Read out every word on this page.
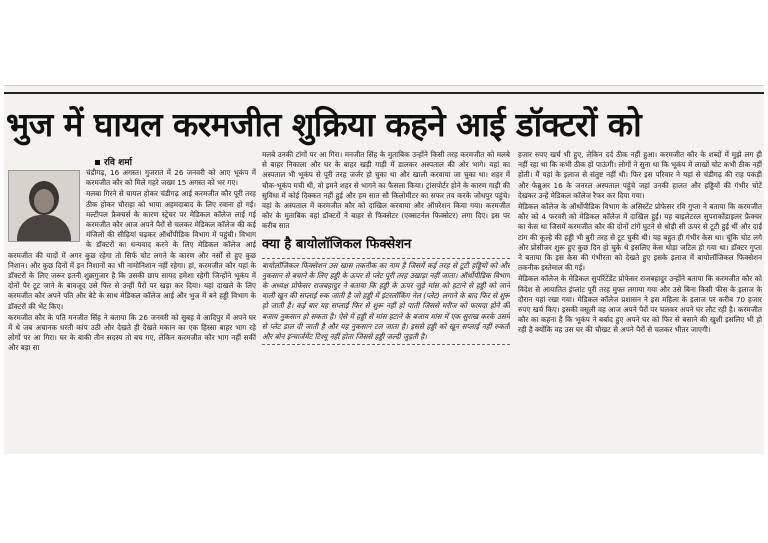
भुज में घायल करमजीत शुक्रिया कहने आई डॉक्टरों को
रवि शर्मा

चंडीगढ़, 16 अगस्त। गुजरात में 26 जनवरी को आए भूकंप में करमजीत कौर को मिले गहरे जख्म 15 अगस्त को भर गए।

मलबा गिरने से घायल होकर चंडीगढ़ आई करमजीत कौर पूरी तरह ठीक होकर चौराहा को भाया अहमदाबाद के लिए रवाना हो गई। मल्टीपल फ्रैक्चर्स के कारण स्ट्रेचर पर मेडिकल कॉलेज लाई गई करमजीत कौर आज अपने पैरों से चलकर मेडिकल कॉलेज की कई मंजिलों की सीढ़ियां चढ़कर ऑर्थोपीडिक विभाग में पहुंची। विभाग के डॉक्टरों का धन्यवाद करने के लिए मेडिकल कॉलेज आई करमजीत की यादों में अगर कुछ रहेगा तो सिर्फ चोट लगने के कारण और नर्सों से हुए कुछ निशान। और कुछ दिनों में इन निशानों का भी नामोनिशान नहीं रहेगा। हां, करमजीत कौर यहां के डॉक्टरों के लिए जरूर इतनी शुक्रगुजार है कि उसकी छाप सायद हमेशा रहेगी जिन्होंने भूकंप में दोनों पैर टूट जाने के बावजूद उसे फिर से उन्हीं पैरों पर खड़ा कर दिया। यहां दाखले के लिए करमजीत कौर अपने पति और बेटे के साथ मेडिकल कॉलेज आई और भुज में बने हड्डी विभाग के डॉक्टरों की भेंट किए।

करमजीत कौर के पति मनजीत सिंह ने बताया कि 26 जनवरी को सुबह वे आदिपुर में अपने घर में थे जब अचानक धरती कांप उठी और देखते ही देखते मकान का एक हिस्सा बाहर भाग रहे लोगों पर आ गिरा। घर के बाकी तीन सदस्य तो बच गए, लेकिन करमजीत कौर भाग नहीं सकीं और बड़ा सा

मलबे उनकी टांगों पर आ गिरा। मनजीत सिंह के मुताबिक उन्होंने किसी तरह करमजीत को मलबे से बाहर निकाला और घर के बाहर खड़ी गाड़ी में डालकर अस्पताल की ओर भागे। वहां का अस्पताल भी भूकंप से पूरी तरह जर्जर हो चुका था और खाली करवाया जा चुका था। शहर में चौक-भूकंप मची थी, वो इमने शहर से भागने का फैसला किया। ट्रांसपोर्टर होने के कारण गाड़ी की सुविधा में कोई दिक्कत नहीं हुई और हम सात सौ किलोमीटर का सफर तय करके जोधपुर पहुंचे। वहां के अस्पताल में करमजीत कौर को दाखिल करवाया और ऑपरेशन किया गया। करमजीत कौर के मुताबिक वहां डॉक्टरों ने बाहर से फिक्सेटर (एक्सटर्नल फिक्सेटर) लगा दिए। इस पर करीब सात

क्या है बायोलॉजिकल फिक्सेशन

बायोलॉजिकल फिक्सेशन उस खास तकनीक का नाम है जिसमें कई तरह से टूटी हड्डियों को और नुकसान से बचाने के लिए हड्डी के ऊपर से प्लेट पूरी तरह उखाड़ा नहीं जाता। ऑर्थोपीडिक विभाग के अध्यक्ष प्रोफेसर राजबहादुर ने बताया कि हड्डी के ऊपर जुड़े मांस को हटाने से हड्डी को जाने वाली खून की सप्लाई रुक जाती है जो हड्डी में इंटरलॉकिंग नेल (प्लेट) लगाने के बाद फिर से शुरू हो जाती है। कई बार यह सप्लाई फिर से शुरू नहीं हो पाती जिससे मरीज को फायदा होने की बजाय नुकसान हो सकता है। ऐसे में हड्डी से मांस हटाने के बजाय मांस में एक सुराख करके उसमें से प्लेट डाल दी जाती है और यह नुकसान टल जाता है। इससे हड्डी को खून सप्लाई नहीं रुकती और बोन इन्चार्जमेंट टिश्यू नहीं होता जिससे हड्डी जल्दी जुड़ती है।

हजार रुपए खर्च भी हुए, लेकिन दर्द ठीक नहीं हुआ। करमजीत कौर के शब्दों में मुझे लग ही नहीं रहा था कि कभी ठीक हो पाऊंगी। लोगों ने सुना था कि भूकंप में लाखों चोट कभी ठीक नहीं होती। मैं यहां के इलाज से संतुष्ट नहीं थी। फिर इस परिवार ने यहां से चंडीगढ़ की राह पकड़ी और फेब्रुअर 16 के जनरल अस्पताल पहुंचे जहां उनकी हालत और हड्डियों की गंभीर चोटें देखकर उन्हें मेडिकल कॉलेज रैफर कर दिया गया।

मेडिकल कॉलेज के ऑर्थोपीडिक विभाग के असिस्टेंट प्रोफेसर रवि गुप्ता ने बताया कि करमजीत कौर को 4 फरवरी को मेडिकल कॉलेज में दाखिल हुई। यह बाइलेटरल सुपराकोंडाइलर फ्रैक्चर का केस था जिसमें करमजीत कौर की दोनों टांगें घुटने से थोड़ी सी ऊपर से टूटी हुई थीं और दाईं टांग की कूल्हे की हड्डी भी बुरी तरह से टूट चुकी थी। यह बहुत ही गंभीर केस था। चूंकि चोट लगे और प्रोसीजर शुरू हुए कुछ दिन हो चुके थे इसलिए केस थोड़ा जटिल हो गया था। डॉक्टर गुप्ता ने बताया कि इस केस की गंभीरता को देखते हुए इसके इलाज में बायोलॉजिकल फिक्सेशन तकनीक इस्तेमाल की गई।

मेडिकल कॉलेज के मेडिकल सुपरिंटेंडेंट प्रोफेसर राजबहादुर उन्होंने बताया कि करमजीत कौर को विदेश से आयातित इंप्लांट पूरी तरह मुफ्त लगाया गया और उसे बिना किसी फीस के इलाज के दौरान यहां रखा गया। मेडिकल कॉलेज प्रशासन ने इस महिला के इलाज पर करीब 70 हजार रुपए खर्च किए। इसकी वसूली वह आज अपने पैरों पर चलकर अपने घर लौट रही है। करमजीत कौर का कहना है कि भूकंप ने बर्बाद हुए अपने घर को फिर से बसाने की खुशी इसलिए भी हो रही है क्योंकि वह उस घर की चौखट से अपने पैरों से चलकर भीतर जाएगी।
